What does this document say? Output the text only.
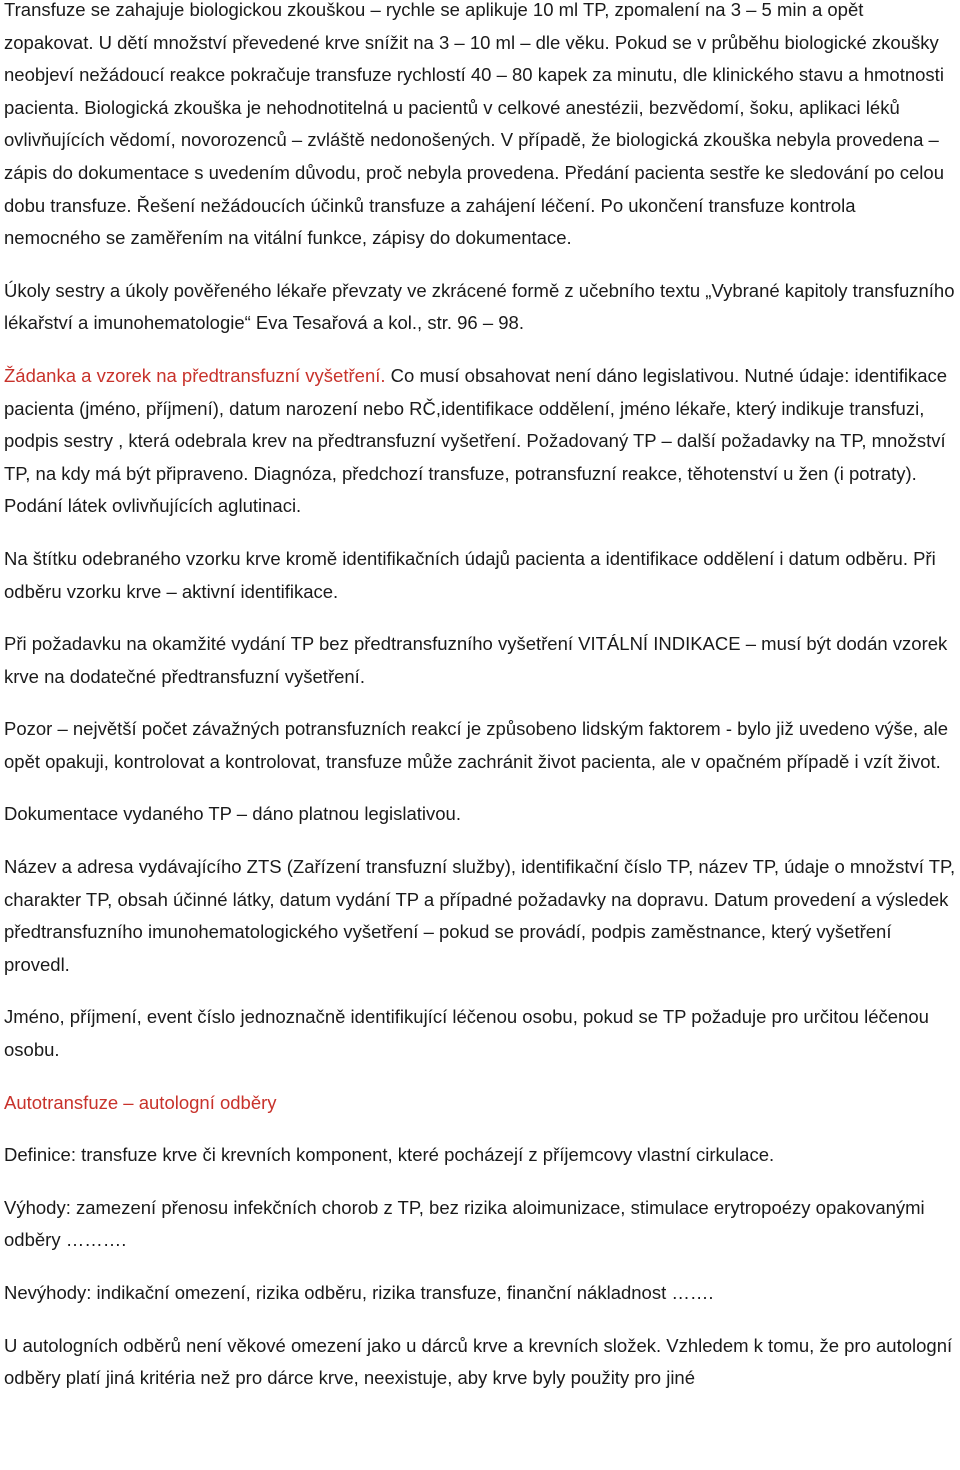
Transfuze se zahajuje biologickou zkouškou – rychle se aplikuje 10 ml TP, zpomalení na 3 – 5 min a opět zopakovat. U dětí množství převedené krve snížit na 3 – 10 ml – dle věku. Pokud se v průběhu biologické zkoušky neobjeví nežádoucí reakce pokračuje transfuze rychlostí 40 – 80 kapek za minutu, dle klinického stavu a hmotnosti pacienta. Biologická zkouška je nehodnotitelná u pacientů v celkové anestézii, bezvědomí, šoku, aplikaci léků ovlivňujících vědomí, novorozenců – zvláště nedonošených. V případě, že biologická zkouška nebyla provedena – zápis do dokumentace s uvedením důvodu, proč nebyla provedena. Předání pacienta sestře ke sledování po celou dobu transfuze. Řešení nežádoucích účinků transfuze a zahájení léčení. Po ukončení transfuze kontrola nemocného se zaměřením na vitální funkce, zápisy do dokumentace.

Úkoly sestry a úkoly pověřeného lékaře převzaty ve zkrácené formě z učebního textu „Vybrané kapitoly transfuzního lékařství a imunohematologie“ Eva Tesařová a kol., str. 96 – 98.

Žádanka a vzorek na předtransfuzní vyšetření. Co musí obsahovat není dáno legislativou. Nutné údaje: identifikace pacienta (jméno, příjmení), datum narození nebo RČ,identifikace oddělení, jméno lékaře, který indikuje transfuzi, podpis sestry , která odebrala krev na předtransfuzní vyšetření. Požadovaný TP – další požadavky na TP, množství TP, na kdy má být připraveno. Diagnóza, předchozí transfuze, potransfuzní reakce, těhotenství u žen (i potraty). Podání látek ovlivňujících aglutinaci.

Na štítku odebraného vzorku krve kromě identifikačních údajů pacienta a identifikace oddělení i datum odběru. Při odběru vzorku krve – aktivní identifikace.

Při požadavku na okamžité vydání TP bez předtransfuzního vyšetření VITÁLNÍ INDIKACE – musí být dodán vzorek krve na dodatečné předtransfuzní vyšetření.

Pozor – největší počet závažných potransfuzních reakcí je způsobeno lidským faktorem - bylo již uvedeno výše, ale opět opakuji, kontrolovat a kontrolovat, transfuze může zachránit život pacienta, ale v opačném případě i vzít život.

Dokumentace vydaného TP – dáno platnou legislativou.

Název a adresa vydávajícího ZTS (Zařízení transfuzní služby), identifikační číslo TP, název TP, údaje o množství TP, charakter TP, obsah účinné látky, datum vydání TP a případné požadavky na dopravu. Datum provedení a výsledek předtransfuzního imunohematologického vyšetření – pokud se provádí, podpis zaměstnance, který vyšetření provedl.

Jméno, příjmení, event číslo jednoznačně identifikující léčenou osobu, pokud se TP požaduje pro určitou léčenou osobu.

Autotransfuze – autologní odběry

Definice: transfuze krve či krevních komponent, které pocházejí z příjemcovy vlastní cirkulace.

Výhody: zamezení přenosu infekčních chorob z TP, bez rizika aloimunizace, stimulace erytropoézy opakovanými odběry ……….

Nevýhody: indikační omezení, rizika odběru, rizika transfuze, finanční nákladnost …….

U autologních odběrů není věkové omezení jako u dárců krve a krevních složek. Vzhledem k tomu, že pro autologní odběry platí jiná kritéria než pro dárce krve, neexistuje, aby krve byly použity pro jiné
